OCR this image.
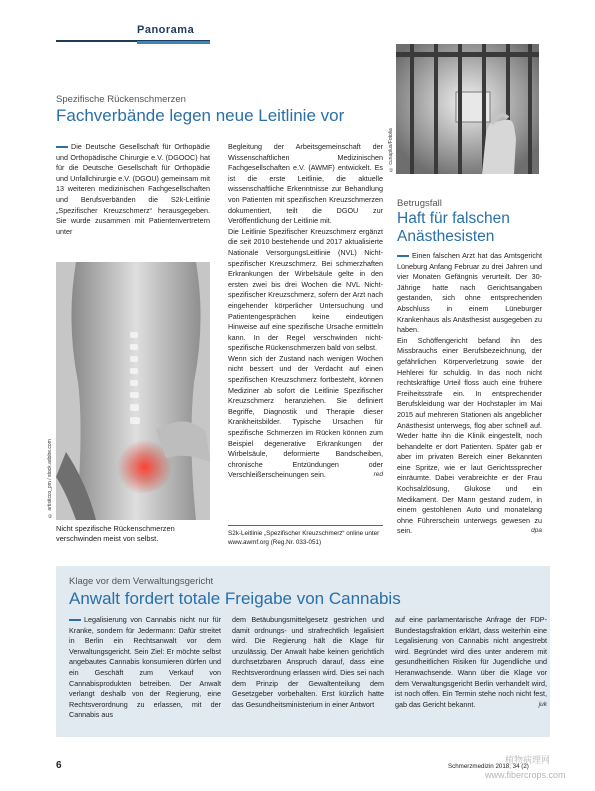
Panorama
© cunaplus/Fotolia
Spezifische Rückenschmerzen
Fachverbände legen neue Leitlinie vor
Die Deutsche Gesellschaft für Orthopädie und Orthopädische Chirurgie e.V. (DGOOC) hat für die Deutsche Gesellschaft für Orthopädie und Unfallchirurgie e.V. (DGOU) gemeinsam mit 13 weiteren medizinischen Fachgesellschaften und Berufsverbänden die S2k-Leitlinie „Spezifischer Kreuzschmerz“ herausgegeben. Sie wurde zusammen mit Patientenvertretern unter
© artisticco_pm / stock.adobe.com
Nicht spezifische Rückenschmerzen verschwinden meist von selbst.

Begleitung der Arbeitsgemeinschaft der Wissenschaftlichen Medizinischen Fachgesellschaften e.V. (AWMF) entwickelt. Es ist die erste Leitlinie, die aktuelle wissenschaftliche Erkenntnisse zur Behandlung von Patienten mit spezifischen Kreuzschmerzen dokumentiert, teilt die DGOU zur Veröffentlichung der Leitlinie mit.

Die Leitlinie Spezifischer Kreuzschmerz ergänzt die seit 2010 bestehende und 2017 aktualisierte Nationale VersorgungsLeitlinie (NVL) Nicht-spezifischer Kreuzschmerz. Bei schmerzhaften Erkrankungen der Wirbelsäule gelte in den ersten zwei bis drei Wochen die NVL Nicht-spezifischer Kreuzschmerz, sofern der Arzt nach eingehender körperlicher Untersuchung und Patientengesprächen keine eindeutigen Hinweise auf eine spezifische Ursache ermitteln kann. In der Regel verschwinden nicht-spezifische Rückenschmerzen bald von selbst.

Wenn sich der Zustand nach wenigen Wochen nicht bessert und der Verdacht auf einen spezifischen Kreuzschmerz fortbesteht, können Mediziner ab sofort die Leitlinie Spezifischer Kreuzschmerz heranziehen. Sie definiert Begriffe, Diagnostik und Therapie dieser Krankheitsbilder. Typische Ursachen für spezifische Schmerzen im Rücken können zum Beispiel degenerative Erkrankungen der Wirbelsäule, deformierte Bandscheiben, chronische Entzündungen oder Verschleißerscheinungen sein.	red

S2k-Leitlinie „Spezifischer Kreuzschmerz“ online unter www.awmf.org (Reg.Nr. 033-051)
Betrugsfall
Haft für falschen Anästhesisten

Einen falschen Arzt hat das Amtsgericht Lüneburg Anfang Februar zu drei Jahren und vier Monaten Gefängnis verurteilt. Der 30-Jährige hatte nach Gerichtsangaben gestanden, sich ohne entsprechenden Abschluss in einem Lüneburger Krankenhaus als Anästhesist ausgegeben zu haben.

Ein Schöffengericht befand ihn des Missbrauchs einer Berufsbezeichnung, der gefährlichen Körperverletzung sowie der Hehlerei für schuldig. In das noch nicht rechtskräftige Urteil floss auch eine frühere Freiheitsstrafe ein. In entsprechender Berufskleidung war der Hochstapler im Mai 2015 auf mehreren Stationen als angeblicher Anästhesist unterwegs, flog aber schnell auf. Weder hatte ihn die Klinik eingestellt, noch behandelte er dort Patienten. Später gab er aber im privaten Bereich einer Bekannten eine Spritze, wie er laut Gerichtssprecher einräumte. Dabei verabreichte er der Frau Kochsalzlösung, Glukose und ein Medikament. Der Mann gestand zudem, in einem gestohlenen Auto und monatelang ohne Führerschein unterwegs gewesen zu sein.	dpa

Klage vor dem Verwaltungsgericht
Anwalt fordert totale Freigabe von Cannabis
Legalisierung von Cannabis nicht nur für Kranke, sondern für Jedermann: Dafür streitet in Berlin ein Rechtsanwalt vor dem Verwaltungsgericht. Sein Ziel: Er möchte selbst angebautes Cannabis konsumieren dürfen und ein Geschäft zum Verkauf von Cannabisprodukten betreiben. Der Anwalt verlangt deshalb von der Regierung, eine Rechtsverordnung zu erlassen, mit der Cannabis aus
dem Betäubungsmittelgesetz gestrichen und damit ordnungs- und strafrechtlich legalisiert wird. Die Regierung hält die Klage für unzulässig. Der Anwalt habe keinen gerichtlich durchsetzbaren Anspruch darauf, dass eine Rechtsverordnung erlassen wird. Dies sei nach dem Prinzip der Gewaltenteilung dem Gesetzgeber vorbehalten. Erst kürzlich hatte das Gesundheitsministerium in einer Antwort
auf eine parlamentarische Anfrage der FDP-Bundestagsfraktion erklärt, dass weiterhin eine Legalisierung von Cannabis nicht angestrebt wird. Begründet wird dies unter anderem mit gesundheitlichen Risiken für Jugendliche und Heranwachsende. Wann über die Klage vor dem Verwaltungsgericht Berlin verhandelt wird, ist noch offen. Ein Termin stehe noch nicht fest, gab das Gericht bekannt.	juk
6	Schmerzmedizin 2018; 34 (2)
植物病理网
www.fibercrops.com
